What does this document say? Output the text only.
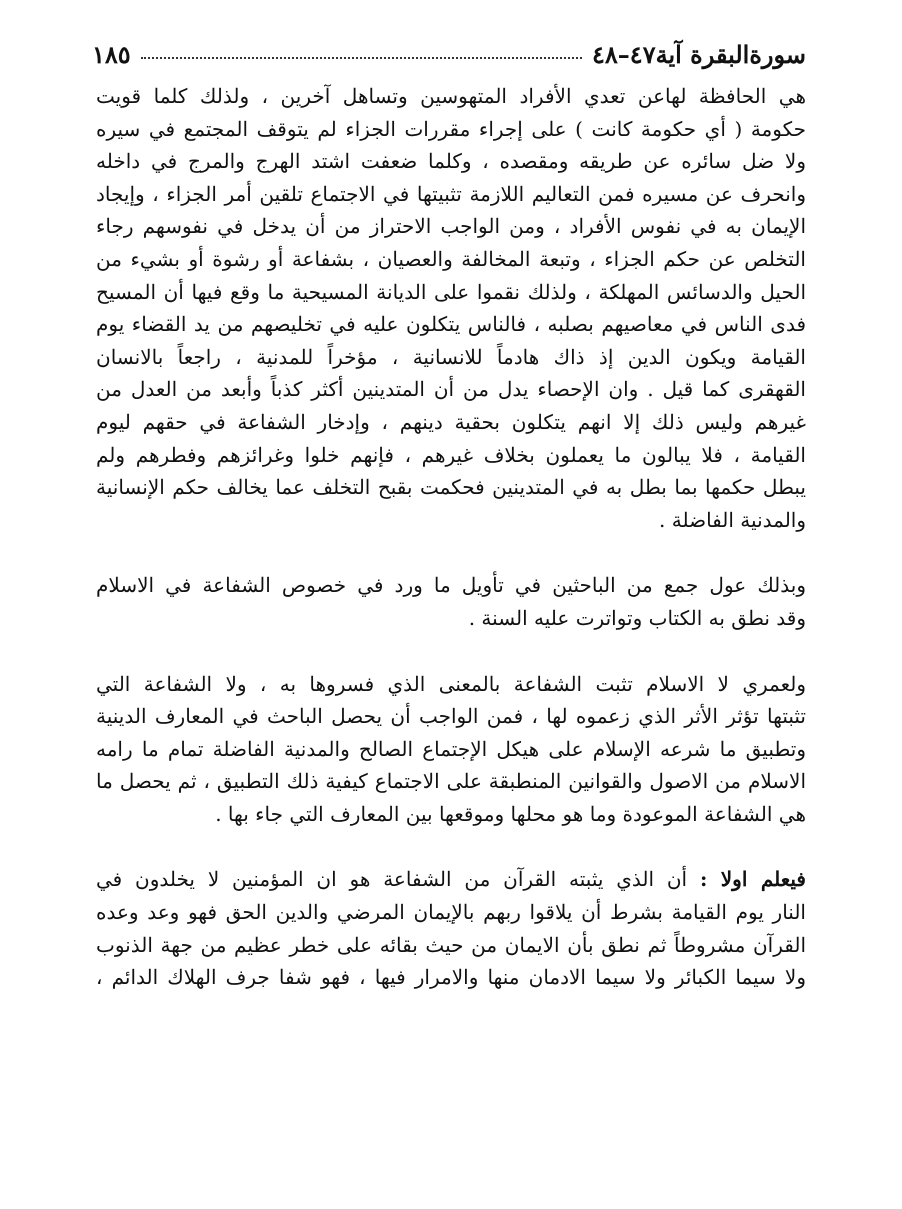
سورةالبقرة آية٤٧–٤٨
١٨٥
هي الحافظة لهاعن تعدي الأفراد المتهوسين وتساهل آخرين ، ولذلك كلما قويت
حكومة ( أي حكومة كانت ) على إجراء مقررات الجزاء لم يتوقف المجتمع في سيره
ولا ضل سائره عن طريقه ومقصده ، وكلما ضعفت اشتد الهرج والمرج في داخله
وانحرف عن مسيره فمن التعاليم اللازمة تثبيتها في الاجتماع تلقين أمر الجزاء ، وإيجاد
الإيمان به في نفوس الأفراد ، ومن الواجب الاحتراز من أن يدخل في نفوسهم رجاء
التخلص عن حكم الجزاء ، وتبعة المخالفة والعصيان ، بشفاعة أو رشوة أو بشيء من
الحيل والدسائس المهلكة ، ولذلك نقموا على الديانة المسيحية ما وقع فيها أن المسيح
فدى الناس في معاصيهم بصلبه ، فالناس يتكلون عليه في تخليصهم من يد القضاء يوم
القيامة ويكون الدين إذ ذاك هادماً للانسانية ، مؤخراً للمدنية ، راجعاً بالانسان
القهقرى كما قيل . وان الإحصاء يدل من أن المتدينين أكثر كذباً وأبعد من العدل من
غيرهم وليس ذلك إلا انهم يتكلون بحقية دينهم ، وإدخار الشفاعة في حقهم ليوم
القيامة ، فلا يبالون ما يعملون بخلاف غيرهم ، فإنهم خلوا وغرائزهم وفطرهم ولم
يبطل حكمها بما بطل به في المتدينين فحكمت بقبح التخلف عما يخالف حكم الإنسانية
والمدنية الفاضلة .
وبذلك عول جمع من الباحثين في تأويل ما ورد في خصوص الشفاعة في الاسلام
وقد نطق به الكتاب وتواترت عليه السنة .
ولعمري لا الاسلام تثبت الشفاعة بالمعنى الذي فسروها به ، ولا الشفاعة التي
تثبتها تؤثر الأثر الذي زعموه لها ، فمن الواجب أن يحصل الباحث في المعارف الدينية
وتطبيق ما شرعه الإسلام على هيكل الإجتماع الصالح والمدنية الفاضلة تمام ما رامه
الاسلام من الاصول والقوانين المنطبقة على الاجتماع كيفية ذلك التطبيق ، ثم يحصل ما
هي الشفاعة الموعودة وما هو محلها وموقعها بين المعارف التي جاء بها .
فيعلم اولا : أن الذي يثبته القرآن من الشفاعة هو ان المؤمنين لا يخلدون في
النار يوم القيامة بشرط أن يلاقوا ربهم بالإيمان المرضي والدين الحق فهو وعد وعده
القرآن مشروطاً ثم نطق بأن الايمان من حيث بقائه على خطر عظيم من جهة الذنوب
ولا سيما الكبائر ولا سيما الادمان منها والامرار فيها ، فهو شفا جرف الهلاك الدائم ،
